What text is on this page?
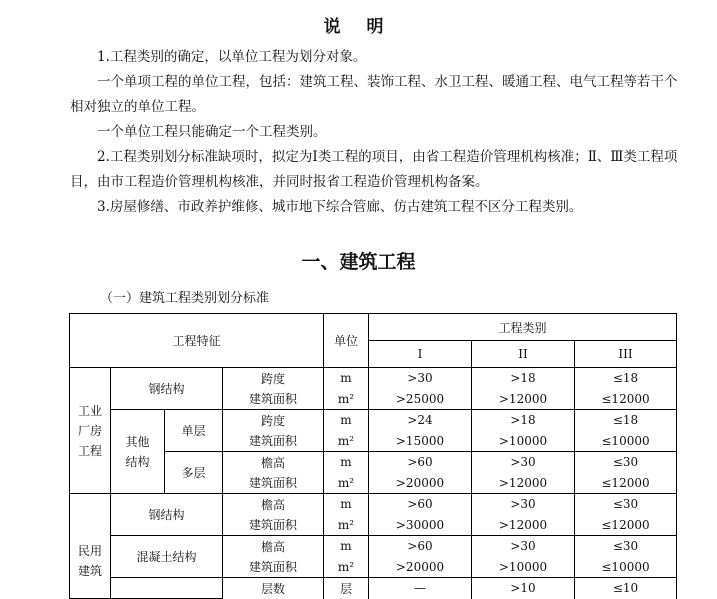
说 明
1.工程类别的确定，以单位工程为划分对象。
一个单项工程的单位工程，包括：建筑工程、装饰工程、水卫工程、暖通工程、电气工程等若干个相对独立的单位工程。
一个单位工程只能确定一个工程类别。
2.工程类别划分标准缺项时，拟定为Ⅰ类工程的项目，由省工程造价管理机构核准；Ⅱ、Ⅲ类工程项目，由市工程造价管理机构核准，并同时报省工程造价管理机构备案。
3.房屋修缮、市政养护维修、城市地下综合管廊、仿古建筑工程不区分工程类别。
一、建筑工程
（一）建筑工程类别划分标准
工程特征				单位	工程类别		
					I	II	III

工业厂房工程	钢结构		跨度	m	>30	>18	≤18
			建筑面积	m²	>25000	>12000	≤12000

	其他结构	单层	跨度	m	>24	>18	≤18
			建筑面积	m²	>15000	>10000	≤10000
		多层	檐高	m	>60	>30	≤30
			建筑面积	m²	>20000	>12000	≤12000

民用建筑	钢结构		檐高	m	>60	>30	≤30
			建筑面积	m²	>30000	>12000	≤12000
	混凝土结构		檐高	m	>60	>30	≤30
			建筑面积	m²	>20000	>10000	≤10000
			层数	层	—	>10	≤10
